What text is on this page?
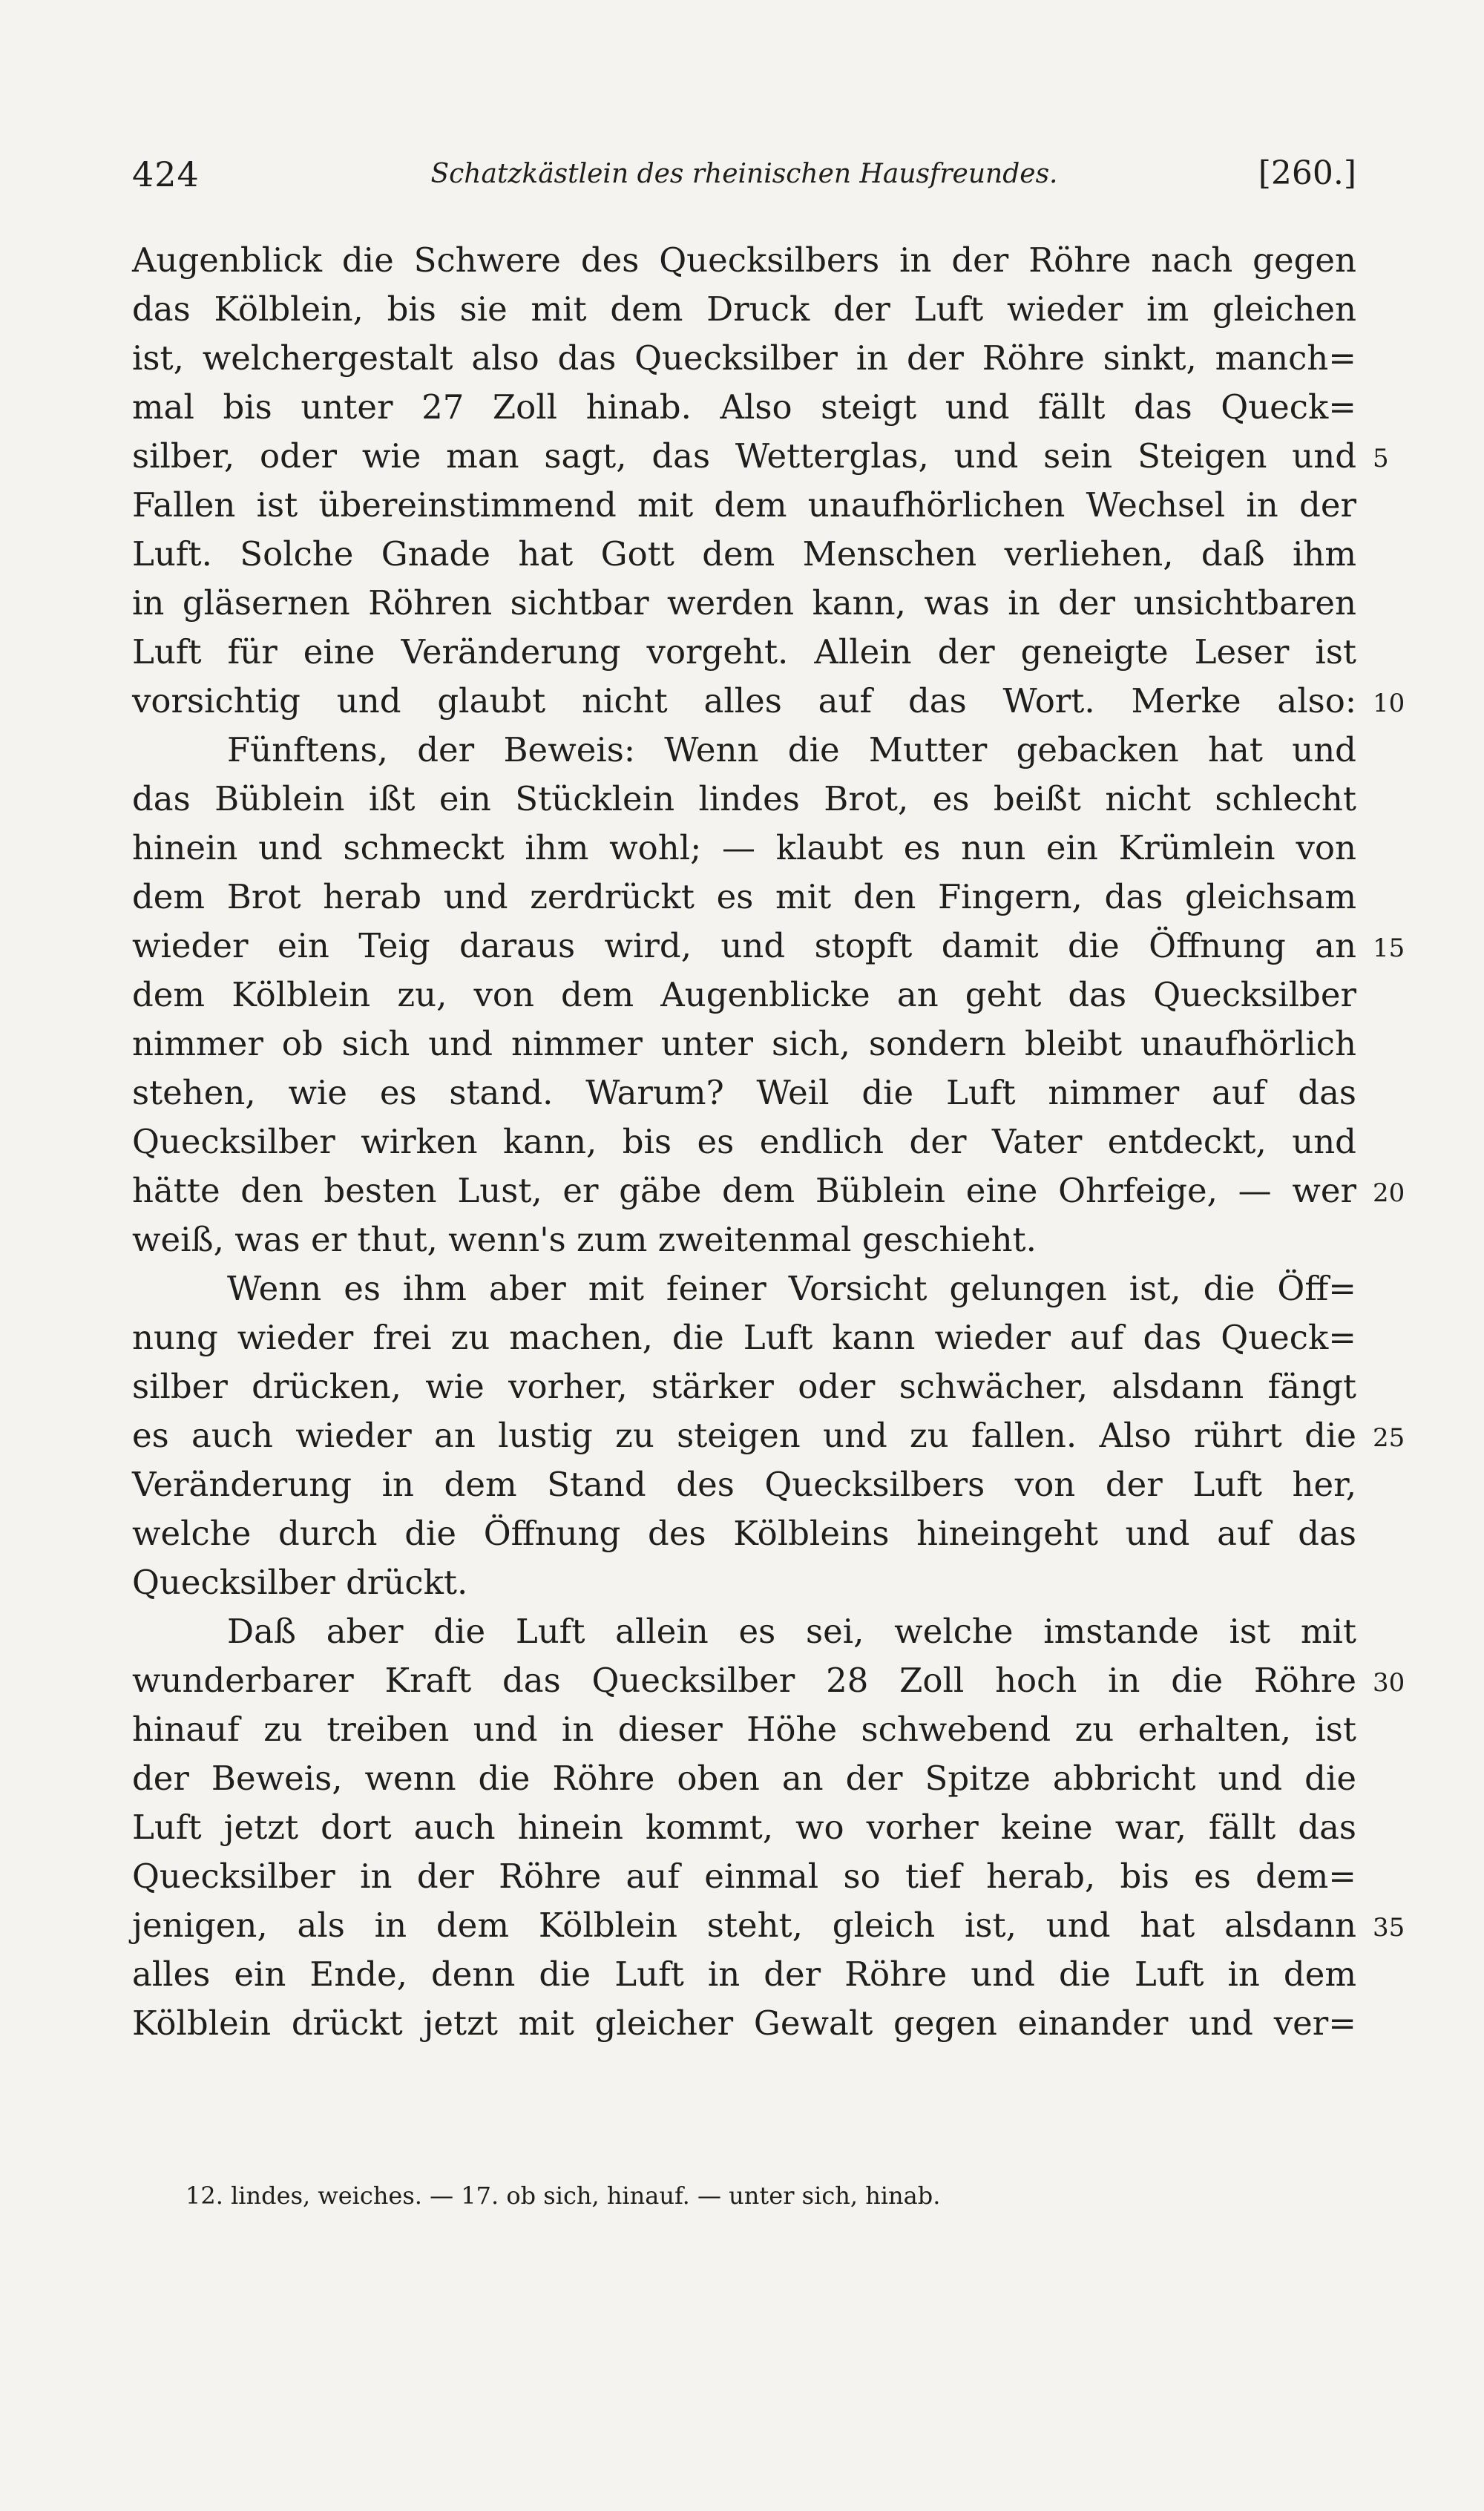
424	Schatzkästlein des rheinischen Hausfreundes.	[260.]
Augenblick die Schwere des Quecksilbers in der Röhre nach gegen
das Kölblein, bis sie mit dem Druck der Luft wieder im gleichen
ist, welchergestalt also das Quecksilber in der Röhre sinkt, manch=
mal bis unter 27 Zoll hinab. Also steigt und fällt das Queck=
silber, oder wie man sagt, das Wetterglas, und sein Steigen und 5
Fallen ist übereinstimmend mit dem unaufhörlichen Wechsel in der
Luft. Solche Gnade hat Gott dem Menschen verliehen, daß ihm
in gläsernen Röhren sichtbar werden kann, was in der unsichtbaren
Luft für eine Veränderung vorgeht. Allein der geneigte Leser ist
vorsichtig und glaubt nicht alles auf das Wort. Merke also: 10
Fünftens, der Beweis: Wenn die Mutter gebacken hat und
das Büblein ißt ein Stücklein lindes Brot, es beißt nicht schlecht
hinein und schmeckt ihm wohl; — klaubt es nun ein Krümlein von
dem Brot herab und zerdrückt es mit den Fingern, das gleichsam
wieder ein Teig daraus wird, und stopft damit die Öffnung an 15
dem Kölblein zu, von dem Augenblicke an geht das Quecksilber
nimmer ob sich und nimmer unter sich, sondern bleibt unaufhörlich
stehen, wie es stand. Warum? Weil die Luft nimmer auf das
Quecksilber wirken kann, bis es endlich der Vater entdeckt, und
hätte den besten Lust, er gäbe dem Büblein eine Ohrfeige, — wer 20
weiß, was er thut, wenn's zum zweitenmal geschieht.
Wenn es ihm aber mit feiner Vorsicht gelungen ist, die Öff=
nung wieder frei zu machen, die Luft kann wieder auf das Queck=
silber drücken, wie vorher, stärker oder schwächer, alsdann fängt
es auch wieder an lustig zu steigen und zu fallen. Also rührt die 25
Veränderung in dem Stand des Quecksilbers von der Luft her,
welche durch die Öffnung des Kölbleins hineingeht und auf das
Quecksilber drückt.
Daß aber die Luft allein es sei, welche imstande ist mit
wunderbarer Kraft das Quecksilber 28 Zoll hoch in die Röhre 30
hinauf zu treiben und in dieser Höhe schwebend zu erhalten, ist
der Beweis, wenn die Röhre oben an der Spitze abbricht und die
Luft jetzt dort auch hinein kommt, wo vorher keine war, fällt das
Quecksilber in der Röhre auf einmal so tief herab, bis es dem=
jenigen, als in dem Kölblein steht, gleich ist, und hat alsdann 35
alles ein Ende, denn die Luft in der Röhre und die Luft in dem
Kölblein drückt jetzt mit gleicher Gewalt gegen einander und ver=
12. lindes, weiches. — 17. ob sich, hinauf. — unter sich, hinab.
